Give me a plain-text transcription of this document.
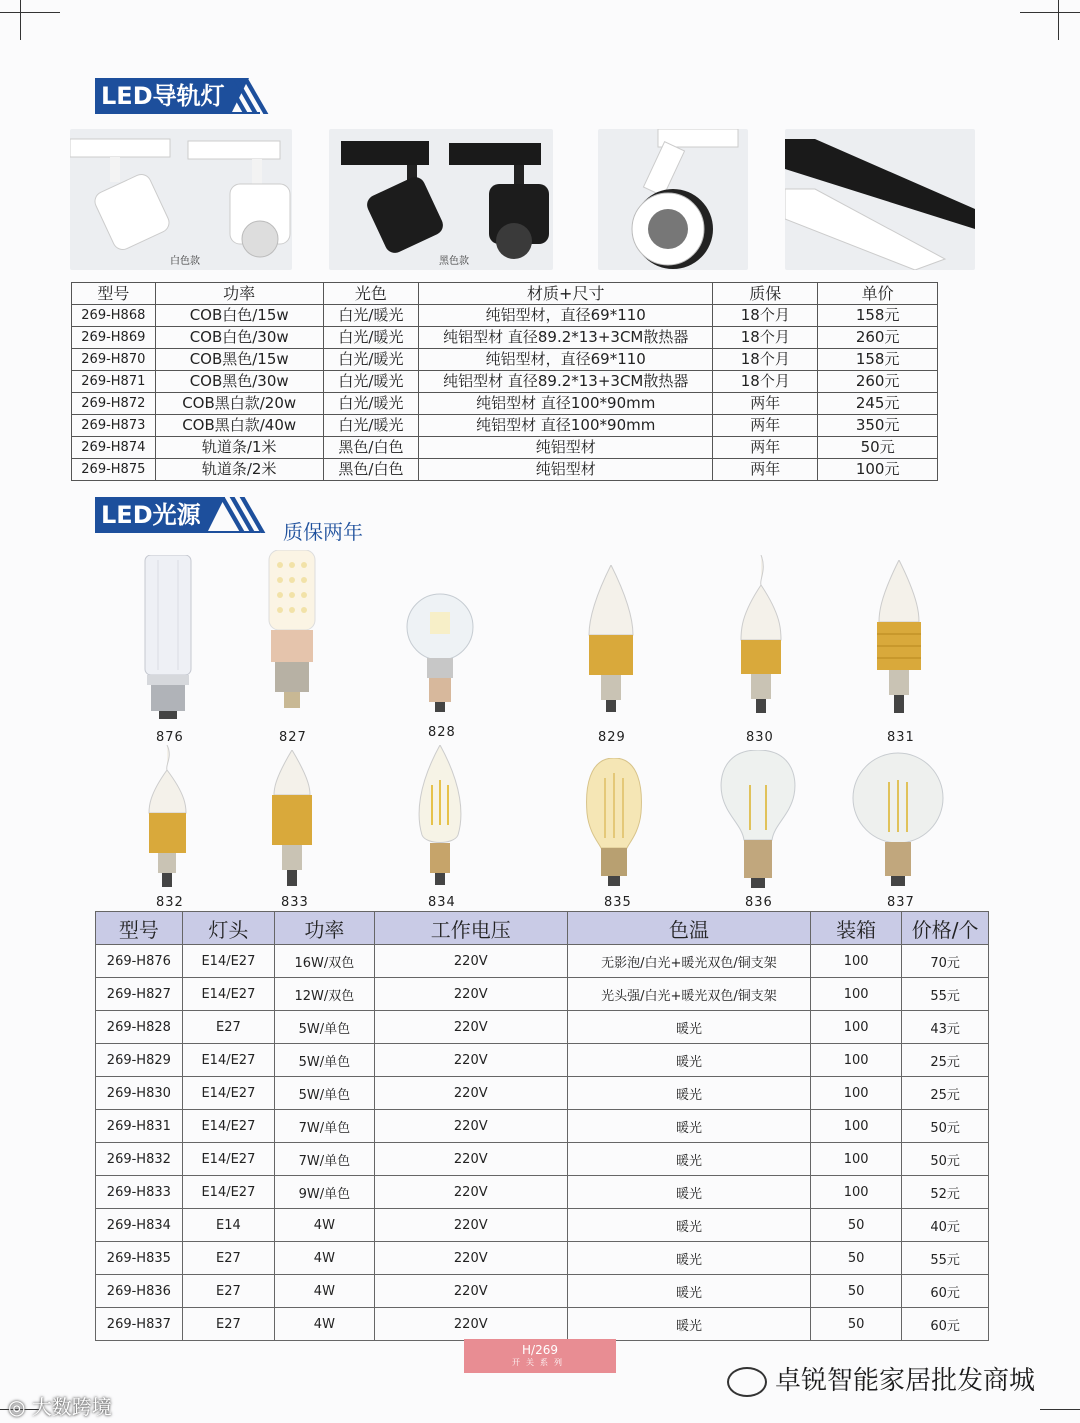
LED导轨灯
白色款	黑色款
型号	功率	光色	材质+尺寸	质保	单价
269-H868	COB白色/15w	白光/暖光	纯铝型材，直径69*110	18个月	158元
269-H869	COB白色/30w	白光/暖光	纯铝型材 直径89.2*13+3CM散热器	18个月	260元
269-H870	COB黑色/15w	白光/暖光	纯铝型材，直径69*110	18个月	158元
269-H871	COB黑色/30w	白光/暖光	纯铝型材 直径89.2*13+3CM散热器	18个月	260元
269-H872	COB黑白款/20w	白光/暖光	纯铝型材 直径100*90mm	两年	245元
269-H873	COB黑白款/40w	白光/暖光	纯铝型材 直径100*90mm	两年	350元
269-H874	轨道条/1米	黑色/白色	纯铝型材	两年	50元
269-H875	轨道条/2米	黑色/白色	纯铝型材	两年	100元
LED光源
质保两年
876	827	828	829	830	831
832	833	834	835	836	837
型号	灯头	功率	工作电压	色温	装箱	价格/个
269-H876	E14/E27	16W/双色	220V	无影泡/白光+暖光双色/铜支架	100	70元
269-H827	E14/E27	12W/双色	220V	光头强/白光+暖光双色/铜支架	100	55元
269-H828	E27	5W/单色	220V	暖光	100	43元
269-H829	E14/E27	5W/单色	220V	暖光	100	25元
269-H830	E14/E27	5W/单色	220V	暖光	100	25元
269-H831	E14/E27	7W/单色	220V	暖光	100	50元
269-H832	E14/E27	7W/单色	220V	暖光	100	50元
269-H833	E14/E27	9W/单色	220V	暖光	100	52元
269-H834	E14	4W	220V	暖光	50	40元
269-H835	E27	4W	220V	暖光	50	55元
269-H836	E27	4W	220V	暖光	50	60元
269-H837	E27	4W	220V	暖光	50	60元
H/269
开关系列
卓锐智能家居批发商城
◎ 大数跨境
